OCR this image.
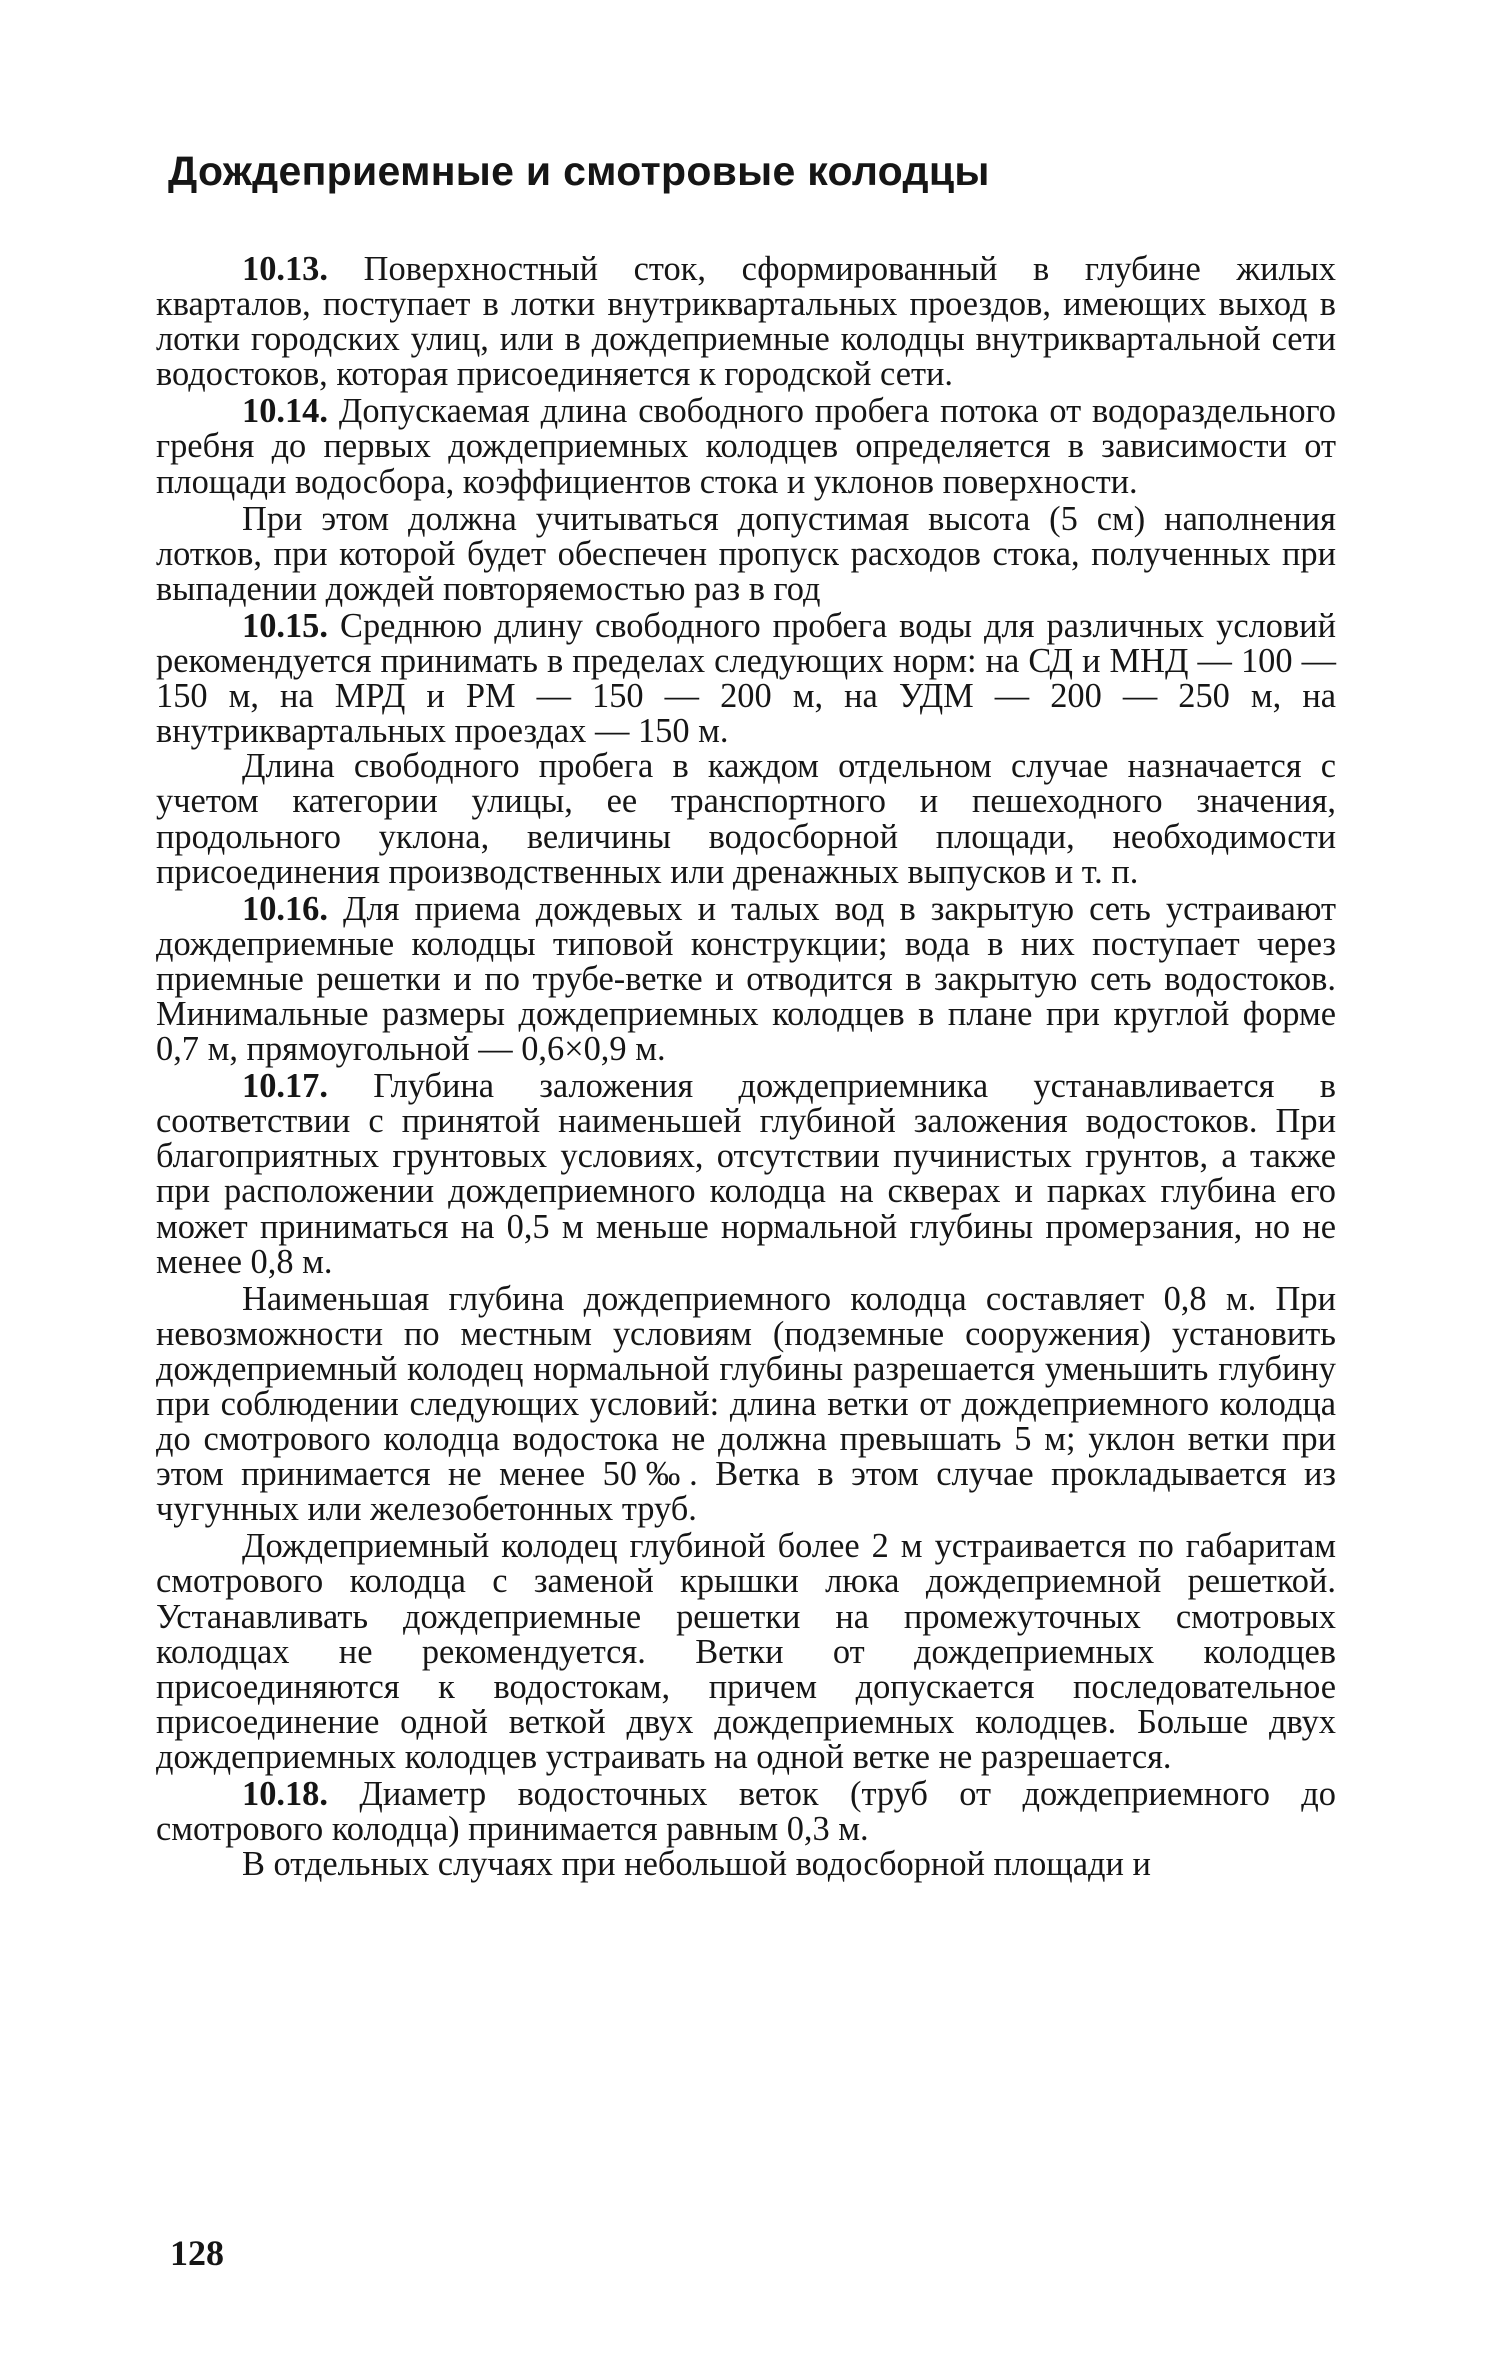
Дождеприемные и смотровые колодцы

10.13. Поверхностный сток, сформированный в глубине жилых кварталов, поступает в лотки внутриквартальных проездов, имеющих выход в лотки городских улиц, или в дождеприемные колодцы внутриквартальной сети водостоков, которая присоединяется к городской сети.

10.14. Допускаемая длина свободного пробега потока от водораздельного гребня до первых дождеприемных колодцев определяется в зависимости от площади водосбора, коэффициентов стока и уклонов поверхности.

При этом должна учитываться допустимая высота (5 см) наполнения лотков, при которой будет обеспечен пропуск расходов стока, полученных при выпадении дождей повторяемостью раз в год

10.15. Среднюю длину свободного пробега воды для различных условий рекомендуется принимать в пределах следующих норм: на СД и МНД — 100 — 150 м, на МРД и РМ — 150 — 200 м, на УДМ — 200 — 250 м, на внутриквартальных проездах — 150 м.

Длина свободного пробега в каждом отдельном случае назначается с учетом категории улицы, ее транспортного и пешеходного значения, продольного уклона, величины водосборной площади, необходимости присоединения производственных или дренажных выпусков и т. п.

10.16. Для приема дождевых и талых вод в закрытую сеть устраивают дождеприемные колодцы типовой конструкции; вода в них поступает через приемные решетки и по трубе-ветке и отводится в закрытую сеть водостоков. Минимальные размеры дождеприемных колодцев в плане при круглой форме 0,7 м, прямоугольной — 0,6×0,9 м.

10.17. Глубина заложения дождеприемника устанавливается в соответствии с принятой наименьшей глубиной заложения водостоков. При благоприятных грунтовых условиях, отсутствии пучинистых грунтов, а также при расположении дождеприемного колодца на скверах и парках глубина его может приниматься на 0,5 м меньше нормальной глубины промерзания, но не менее 0,8 м.

Наименьшая глубина дождеприемного колодца составляет 0,8 м. При невозможности по местным условиям (подземные сооружения) установить дождеприемный колодец нормальной глубины разрешается уменьшить глубину при соблюдении следующих условий: длина ветки от дождеприемного колодца до смотрового колодца водостока не должна превышать 5 м; уклон ветки при этом принимается не менее 50‰. Ветка в этом случае прокладывается из чугунных или железобетонных труб.

Дождеприемный колодец глубиной более 2 м устраивается по габаритам смотрового колодца с заменой крышки люка дождеприемной решеткой. Устанавливать дождеприемные решетки на промежуточных смотровых колодцах не рекомендуется. Ветки от дождеприемных колодцев присоединяются к водостокам, причем допускается последовательное присоединение одной веткой двух дождеприемных колодцев. Больше двух дождеприемных колодцев устраивать на одной ветке не разрешается.

10.18. Диаметр водосточных веток (труб от дождеприемного до смотрового колодца) принимается равным 0,3 м.

В отдельных случаях при небольшой водосборной площади и

128
